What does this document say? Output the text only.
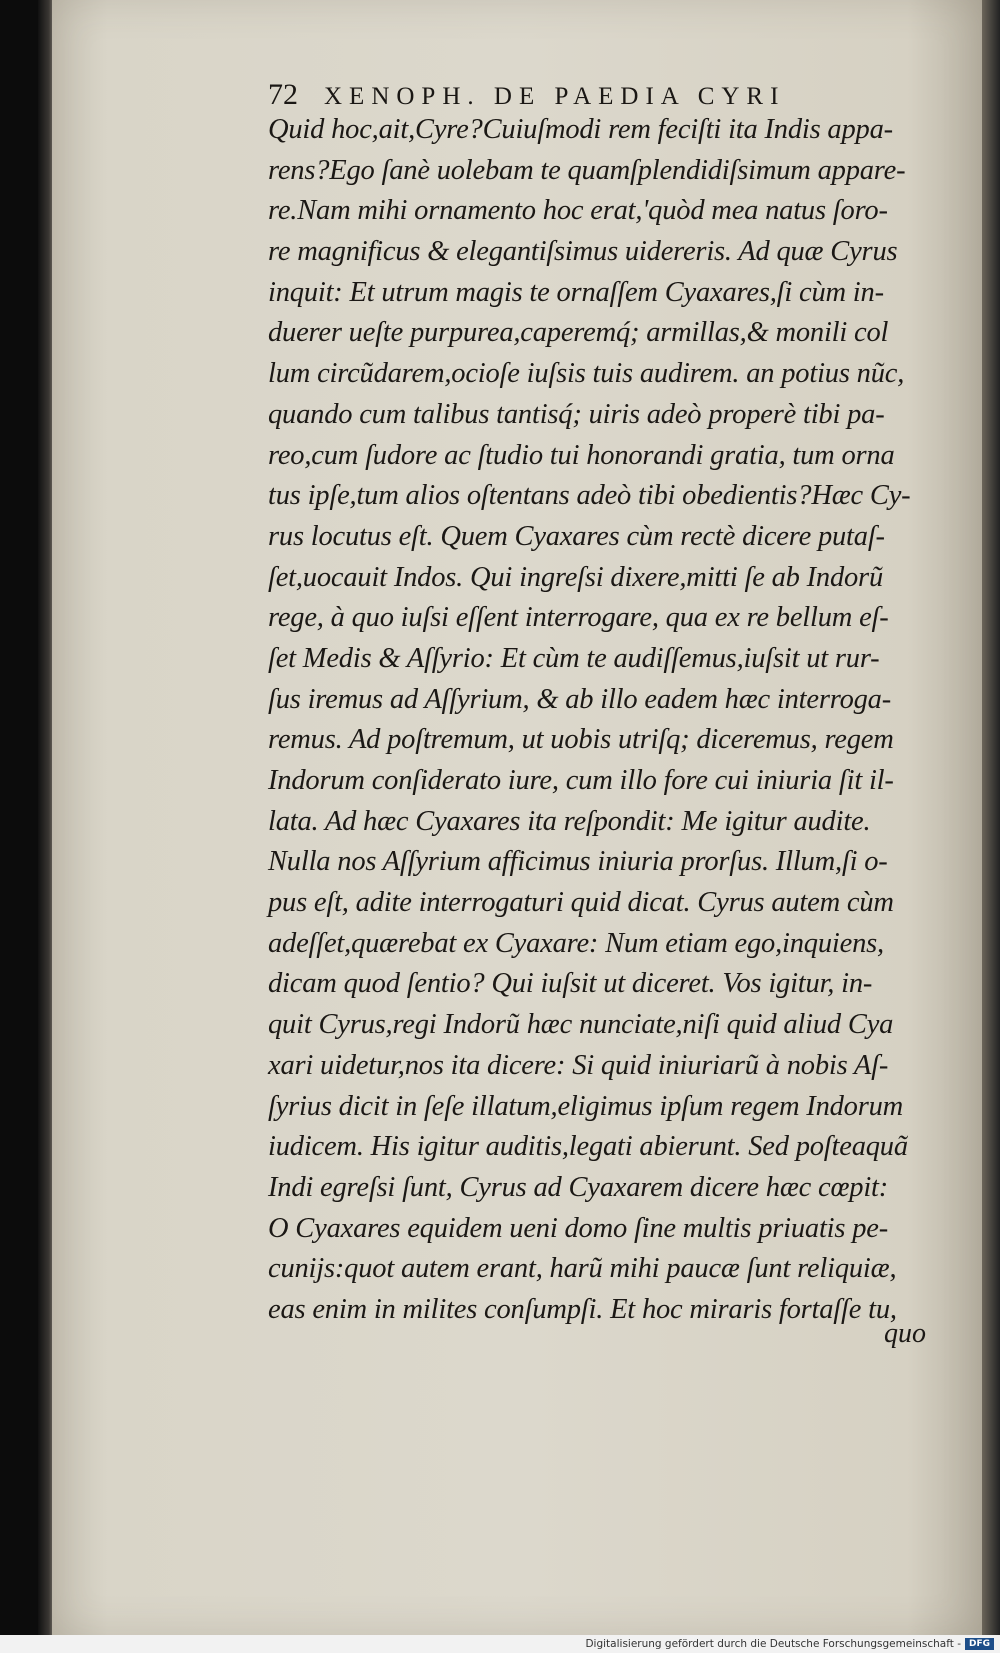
72 XENOPH. DE PAEDIA CYRI
Quid hoc,ait,Cyre?Cuiuſmodi rem feciſti ita Indis appa-
rens?Ego ſanè uolebam te quamſplendidiſsimum appare-
re.Nam mihi ornamento hoc erat,'quòd mea natus ſoro-
re magnificus & elegantiſsimus uidereris. Ad quæ Cyrus
inquit: Et utrum magis te ornaſſem Cyaxares,ſi cùm in-
duerer ueſte purpurea,caperemq́; armillas,& monili col
lum circũdarem,ocioſe iuſsis tuis audirem. an potius nũc,
quando cum talibus tantisq́; uiris adeò properè tibi pa-
reo,cum ſudore ac ſtudio tui honorandi gratia, tum orna
tus ipſe,tum alios oſtentans adeò tibi obedientis?Hæc Cy-
rus locutus eſt. Quem Cyaxares cùm rectè dicere putaſ-
ſet,uocauit Indos. Qui ingreſsi dixere,mitti ſe ab Indorũ
rege, à quo iuſsi eſſent interrogare, qua ex re bellum eſ-
ſet Medis & Aſſyrio: Et cùm te audiſſemus,iuſsit ut rur-
ſus iremus ad Aſſyrium, & ab illo eadem hæc interroga-
remus. Ad poſtremum, ut uobis utriſq; diceremus, regem
Indorum conſiderato iure, cum illo fore cui iniuria ſit il-
lata. Ad hæc Cyaxares ita reſpondit: Me igitur audite.
Nulla nos Aſſyrium afficimus iniuria prorſus. Illum,ſi o-
pus eſt, adite interrogaturi quid dicat. Cyrus autem cùm
adeſſet,quærebat ex Cyaxare: Num etiam ego,inquiens,
dicam quod ſentio? Qui iuſsit ut diceret. Vos igitur, in-
quit Cyrus,regi Indorũ hæc nunciate,niſi quid aliud Cya
xari uidetur,nos ita dicere: Si quid iniuriarũ à nobis Aſ-
ſyrius dicit in ſeſe illatum,eligimus ipſum regem Indorum
iudicem. His igitur auditis,legati abierunt. Sed poſteaquã
Indi egreſsi ſunt, Cyrus ad Cyaxarem dicere hæc cœpit:
O Cyaxares equidem ueni domo ſine multis priuatis pe-
cunijs:quot autem erant, harũ mihi paucæ ſunt reliquiæ,
eas enim in milites conſumpſi. Et hoc miraris fortaſſe tu,
quo
Digitalisierung gefördert durch die Deutsche Forschungsgemeinschaft - DFG
